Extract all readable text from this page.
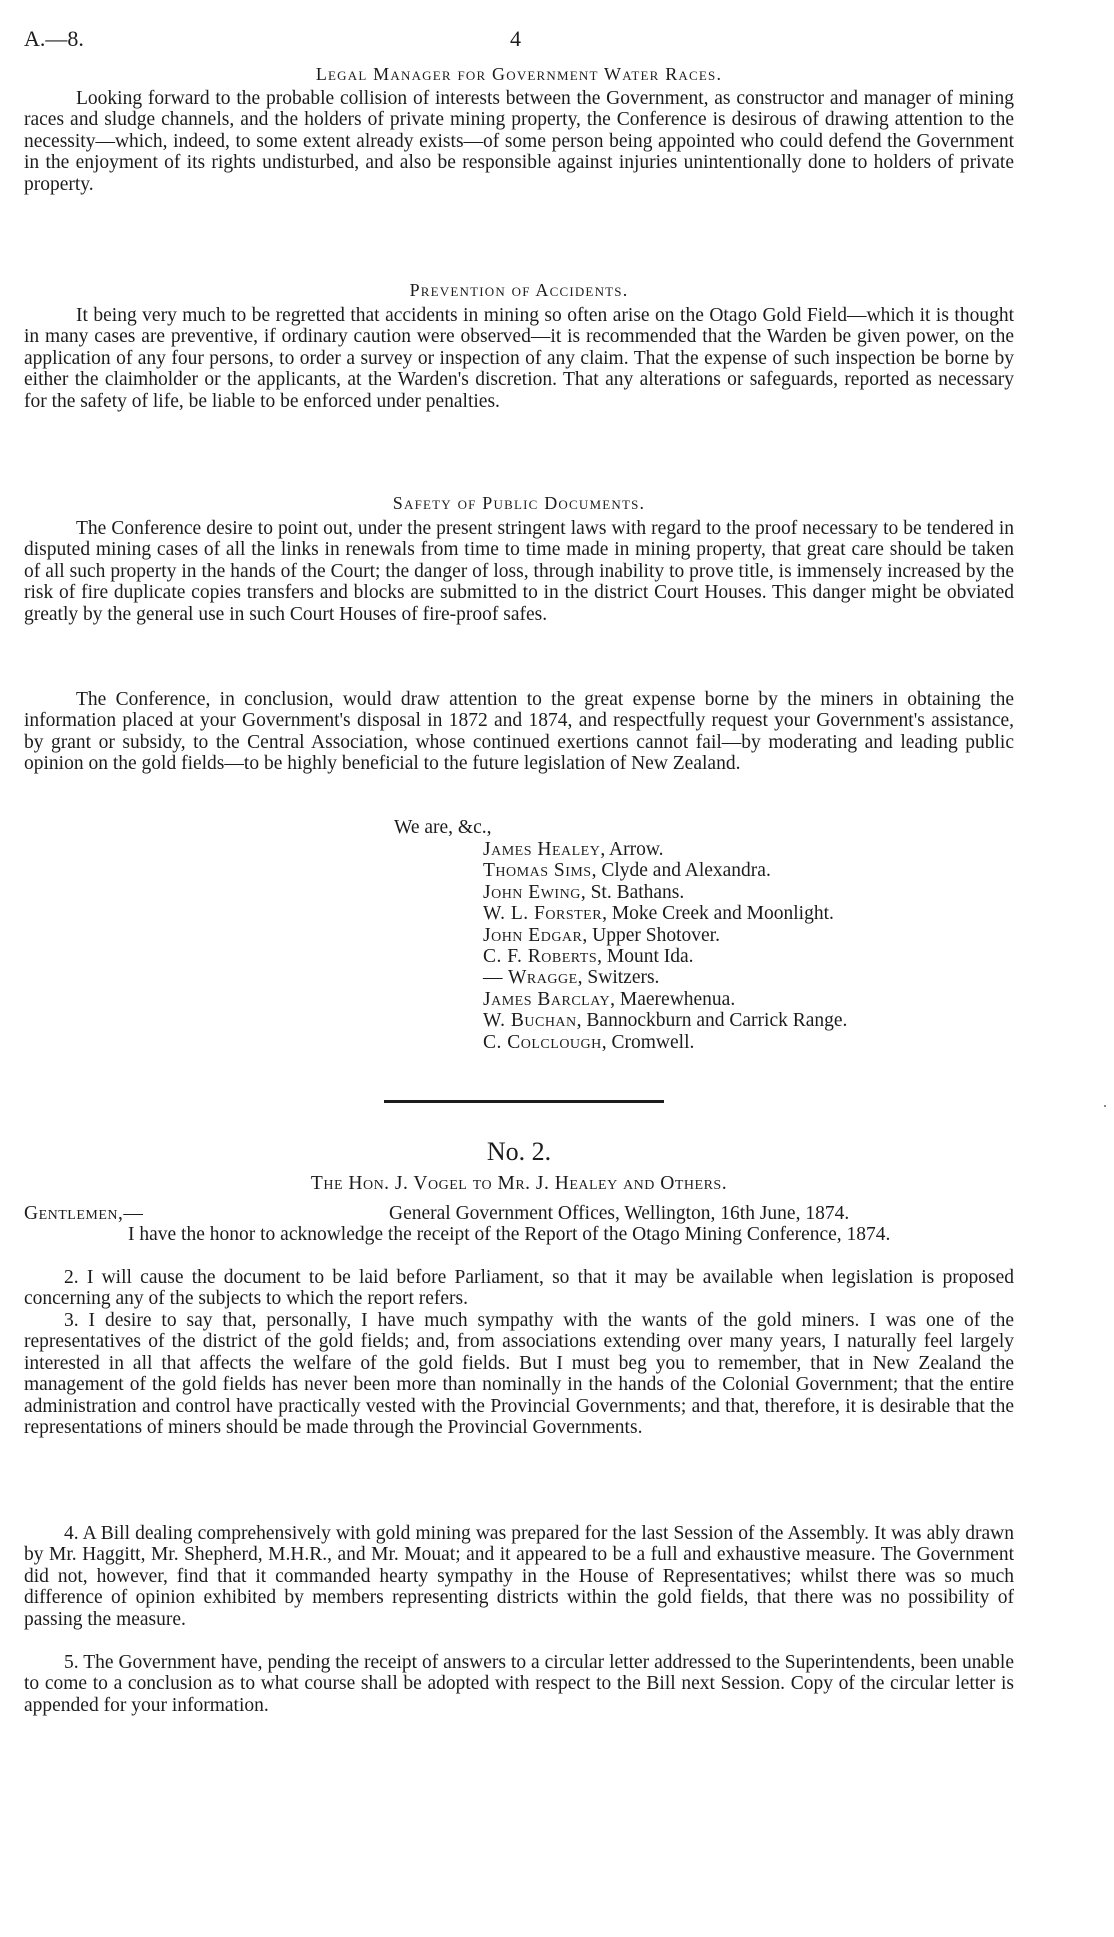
A.—8.	4
Legal Manager for Government Water Races.

Looking forward to the probable collision of interests between the Government, as constructor and manager of mining races and sludge channels, and the holders of private mining property, the Conference is desirous of drawing attention to the necessity—which, indeed, to some extent already exists—of some person being appointed who could defend the Government in the enjoyment of its rights undisturbed, and also be responsible against injuries unintentionally done to holders of private property.

Prevention of Accidents.

It being very much to be regretted that accidents in mining so often arise on the Otago Gold Field—which it is thought in many cases are preventive, if ordinary caution were observed—it is recommended that the Warden be given power, on the application of any four persons, to order a survey or inspection of any claim. That the expense of such inspection be borne by either the claimholder or the applicants, at the Warden's discretion. That any alterations or safeguards, reported as necessary for the safety of life, be liable to be enforced under penalties.

Safety of Public Documents.

The Conference desire to point out, under the present stringent laws with regard to the proof necessary to be tendered in disputed mining cases of all the links in renewals from time to time made in mining property, that great care should be taken of all such property in the hands of the Court; the danger of loss, through inability to prove title, is immensely increased by the risk of fire duplicate copies transfers and blocks are submitted to in the district Court Houses. This danger might be obviated greatly by the general use in such Court Houses of fire-proof safes.

The Conference, in conclusion, would draw attention to the great expense borne by the miners in obtaining the information placed at your Government's disposal in 1872 and 1874, and respectfully request your Government's assistance, by grant or subsidy, to the Central Association, whose continued exertions cannot fail—by moderating and leading public opinion on the gold fields—to be highly beneficial to the future legislation of New Zealand.

We are, &c.,
James Healey, Arrow.
Thomas Sims, Clyde and Alexandra.
John Ewing, St. Bathans.
W. L. Forster, Moke Creek and Moonlight.
John Edgar, Upper Shotover.
C. F. Roberts, Mount Ida.
— Wragge, Switzers.
James Barclay, Maerewhenua.
W. Buchan, Bannockburn and Carrick Range.
C. Colclough, Cromwell.
No. 2.
The Hon. J. Vogel to Mr. J. Healey and Others.
Gentlemen,—	General Government Offices, Wellington, 16th June, 1874.

I have the honor to acknowledge the receipt of the Report of the Otago Mining Conference, 1874.

2. I will cause the document to be laid before Parliament, so that it may be available when legislation is proposed concerning any of the subjects to which the report refers.

3. I desire to say that, personally, I have much sympathy with the wants of the gold miners. I was one of the representatives of the district of the gold fields; and, from associations extending over many years, I naturally feel largely interested in all that affects the welfare of the gold fields. But I must beg you to remember, that in New Zealand the management of the gold fields has never been more than nominally in the hands of the Colonial Government; that the entire administration and control have practically vested with the Provincial Governments; and that, therefore, it is desirable that the representations of miners should be made through the Provincial Governments.

4. A Bill dealing comprehensively with gold mining was prepared for the last Session of the Assembly. It was ably drawn by Mr. Haggitt, Mr. Shepherd, M.H.R., and Mr. Mouat; and it appeared to be a full and exhaustive measure. The Government did not, however, find that it commanded hearty sympathy in the House of Representatives; whilst there was so much difference of opinion exhibited by members representing districts within the gold fields, that there was no possibility of passing the measure.

5. The Government have, pending the receipt of answers to a circular letter addressed to the Superintendents, been unable to come to a conclusion as to what course shall be adopted with respect to the Bill next Session. Copy of the circular letter is appended for your information.
